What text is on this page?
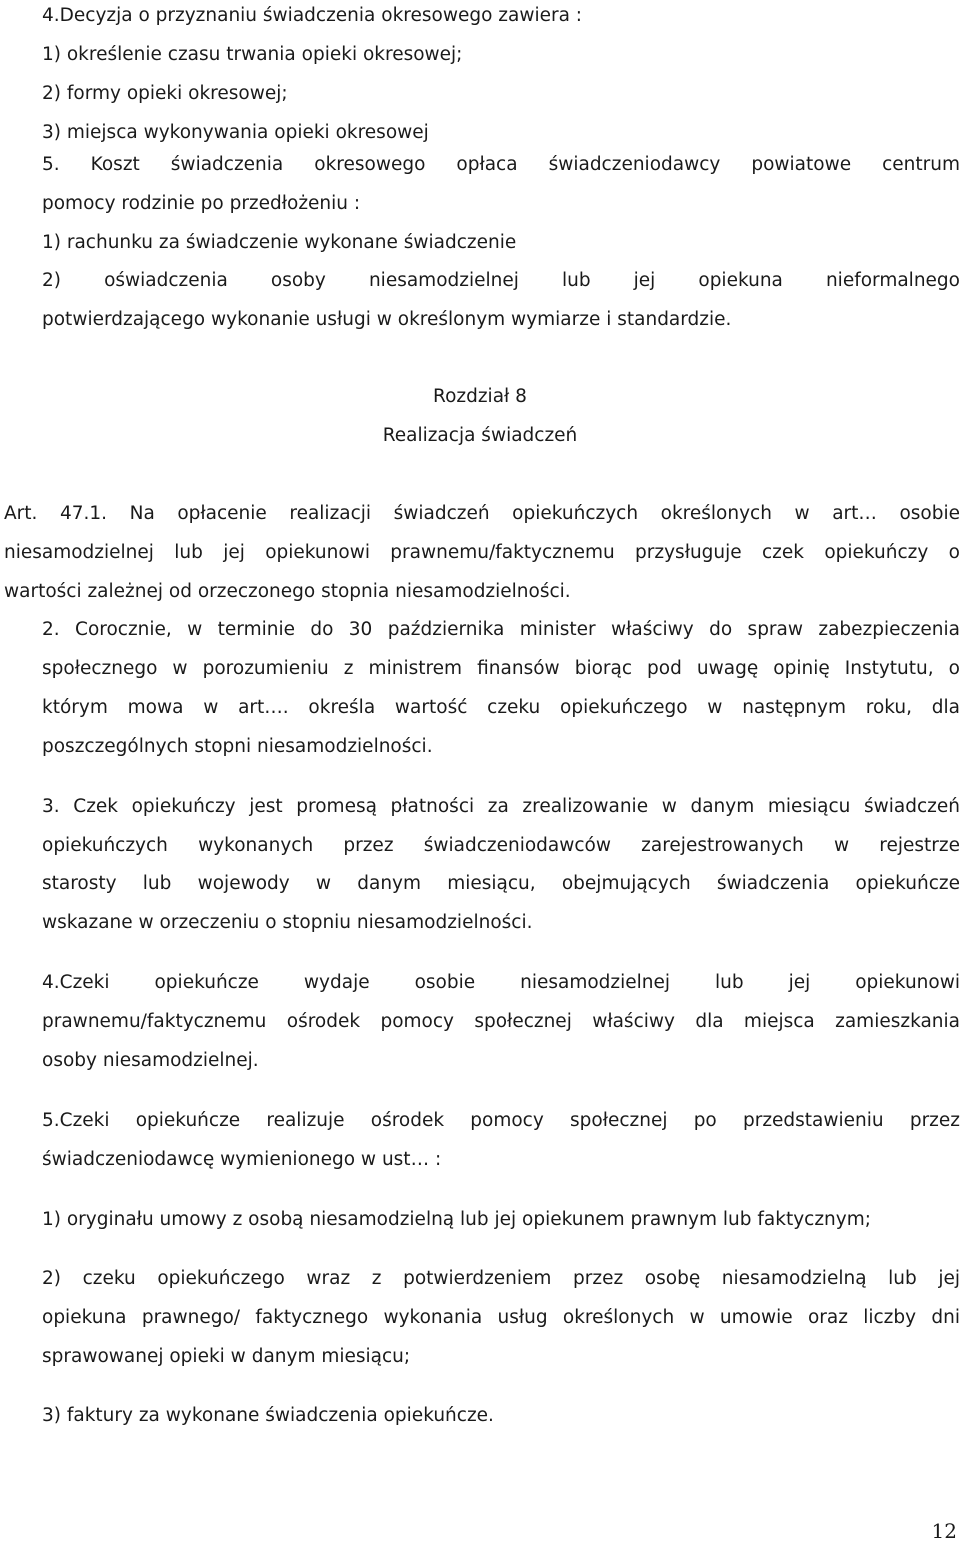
4.Decyzja o przyznaniu świadczenia okresowego zawiera :
1) określenie czasu trwania opieki okresowej;
2) formy opieki okresowej;
3) miejsca wykonywania opieki okresowej
5. Koszt świadczenia okresowego opłaca świadczeniodawcy powiatowe centrum
pomocy rodzinie po przedłożeniu :
1) rachunku za świadczenie wykonane świadczenie
2) oświadczenia osoby niesamodzielnej lub jej opiekuna nieformalnego
potwierdzającego wykonanie usługi w określonym wymiarze i standardzie.
Rozdział 8
Realizacja świadczeń
Art. 47.1. Na opłacenie realizacji świadczeń opiekuńczych określonych w art… osobie
niesamodzielnej lub jej opiekunowi prawnemu/faktycznemu przysługuje czek opiekuńczy o
wartości zależnej od orzeczonego stopnia niesamodzielności.
2. Corocznie, w terminie do 30 października minister właściwy do spraw zabezpieczenia
społecznego w porozumieniu z ministrem finansów biorąc pod uwagę opinię Instytutu, o
którym mowa w art…. określa wartość czeku opiekuńczego w następnym roku, dla
poszczególnych stopni niesamodzielności.
3. Czek opiekuńczy jest promesą płatności za zrealizowanie w danym miesiącu świadczeń
opiekuńczych wykonanych przez świadczeniodawców zarejestrowanych w rejestrze
starosty lub wojewody w danym miesiącu, obejmujących świadczenia opiekuńcze
wskazane w orzeczeniu o stopniu niesamodzielności.
4.Czeki opiekuńcze wydaje osobie niesamodzielnej lub jej opiekunowi
prawnemu/faktycznemu ośrodek pomocy społecznej właściwy dla miejsca zamieszkania
osoby niesamodzielnej.
5.Czeki opiekuńcze realizuje ośrodek pomocy społecznej po przedstawieniu przez
świadczeniodawcę wymienionego w ust… :
1) oryginału umowy z osobą niesamodzielną lub jej opiekunem prawnym lub faktycznym;
2) czeku opiekuńczego wraz z potwierdzeniem przez osobę niesamodzielną lub jej
opiekuna prawnego/ faktycznego wykonania usług określonych w umowie oraz liczby dni
sprawowanej opieki w danym miesiącu;
3) faktury za wykonane świadczenia opiekuńcze.
12
